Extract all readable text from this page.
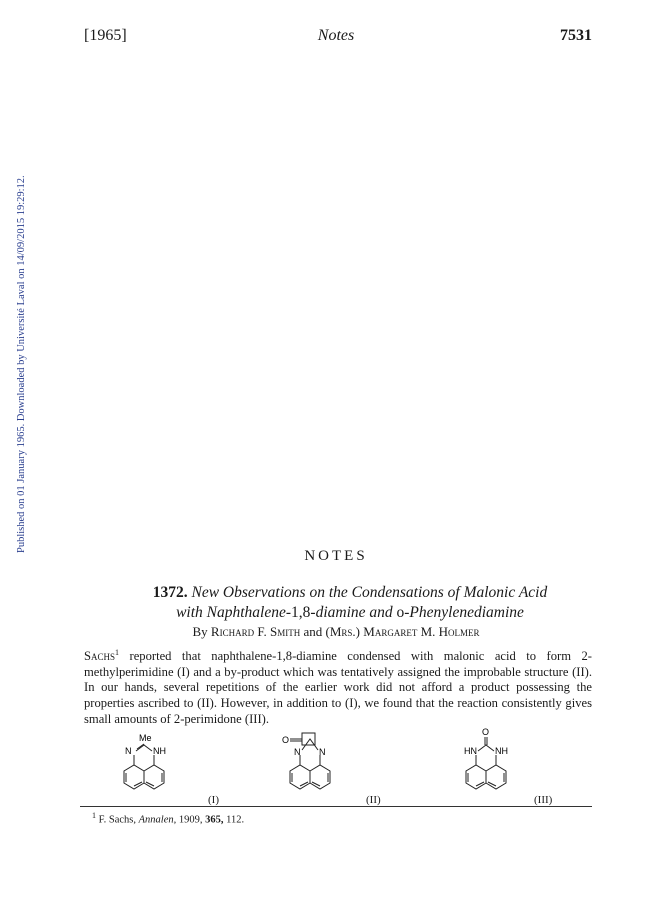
[1965]	Notes	7531
Published on 01 January 1965. Downloaded by Université Laval on 14/09/2015 19:29:12.
NOTES
1372. New Observations on the Condensations of Malonic Acid
with Naphthalene-1,8-diamine and o-Phenylenediamine
By Richard F. Smith and (Mrs.) Margaret M. Holmer
Sachs$^1$ reported that naphthalene-1,8-diamine condensed with malonic acid to form 2-methylperimidine (I) and a by-product which was tentatively assigned the improbable structure (II). In our hands, several repetitions of the earlier work did not afford a product possessing the properties ascribed to (II). However, in addition to (I), we found that the reaction consistently gives small amounts of 2-perimidone (III).
Me
N NH
(I)
O
N N
(II)
O
HN NH
(III)
$^1$ F. Sachs, Annalen, 1909, 365, 112.
